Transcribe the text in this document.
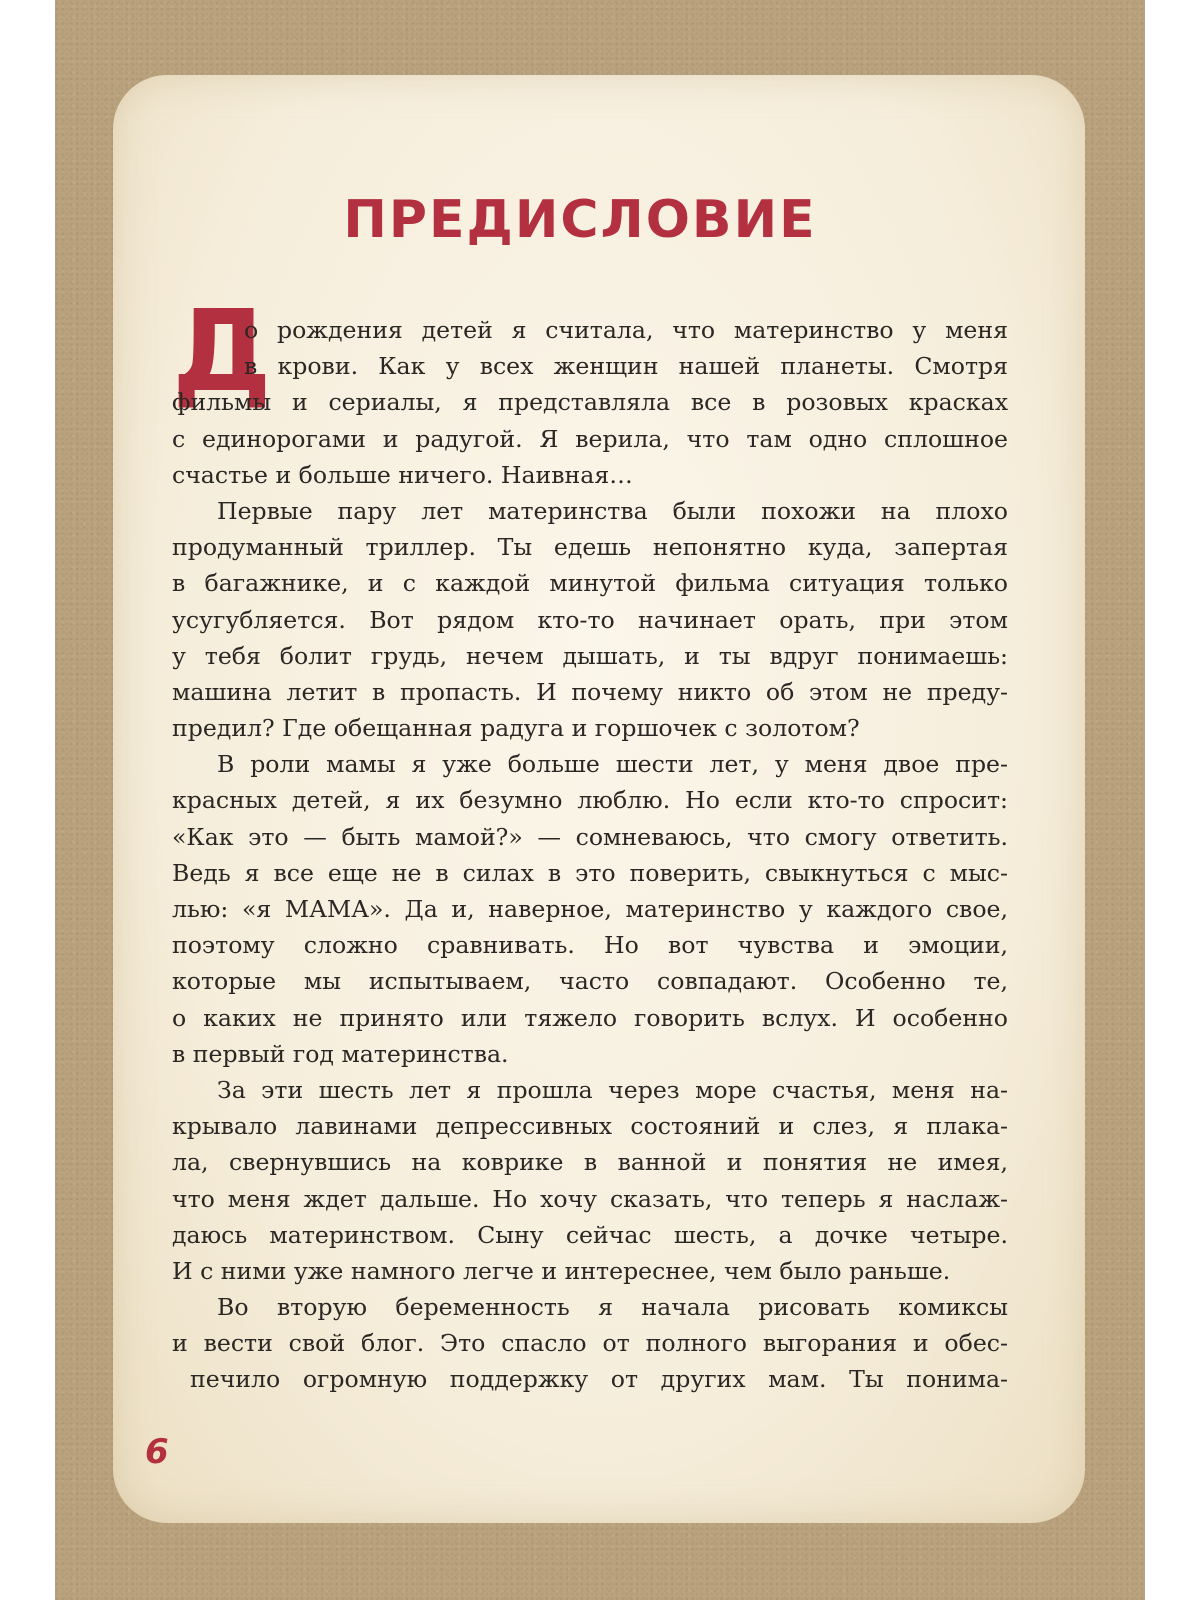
ПРЕДИСЛОВИЕ
Д
о рождения детей я считала, что материнство у меня
в крови. Как у всех женщин нашей планеты. Смотря
фильмы и сериалы, я представляла все в розовых красках
с единорогами и радугой. Я верила, что там одно сплошное
счастье и больше ничего. Наивная…
Первые пару лет материнства были похожи на плохо
продуманный триллер. Ты едешь непонятно куда, запертая
в багажнике, и с каждой минутой фильма ситуация только
усугубляется. Вот рядом кто-то начинает орать, при этом
у тебя болит грудь, нечем дышать, и ты вдруг понимаешь:
машина летит в пропасть. И почему никто об этом не преду-
предил? Где обещанная радуга и горшочек с золотом?
В роли мамы я уже больше шести лет, у меня двое пре-
красных детей, я их безумно люблю. Но если кто-то спросит:
«Как это — быть мамой?» — сомневаюсь, что смогу ответить.
Ведь я все еще не в силах в это поверить, свыкнуться с мыс-
лью: «я МАМА». Да и, наверное, материнство у каждого свое,
поэтому сложно сравнивать. Но вот чувства и эмоции,
которые мы испытываем, часто совпадают. Особенно те,
о каких не принято или тяжело говорить вслух. И особенно
в первый год материнства.
За эти шесть лет я прошла через море счастья, меня на-
крывало лавинами депрессивных состояний и слез, я плака-
ла, свернувшись на коврике в ванной и понятия не имея,
что меня ждет дальше. Но хочу сказать, что теперь я наслаж-
даюсь материнством. Сыну сейчас шесть, а дочке четыре.
И с ними уже намного легче и интереснее, чем было раньше.
Во вторую беременность я начала рисовать комиксы
и вести свой блог. Это спасло от полного выгорания и обес-
печило огромную поддержку от других мам. Ты понима-
6
